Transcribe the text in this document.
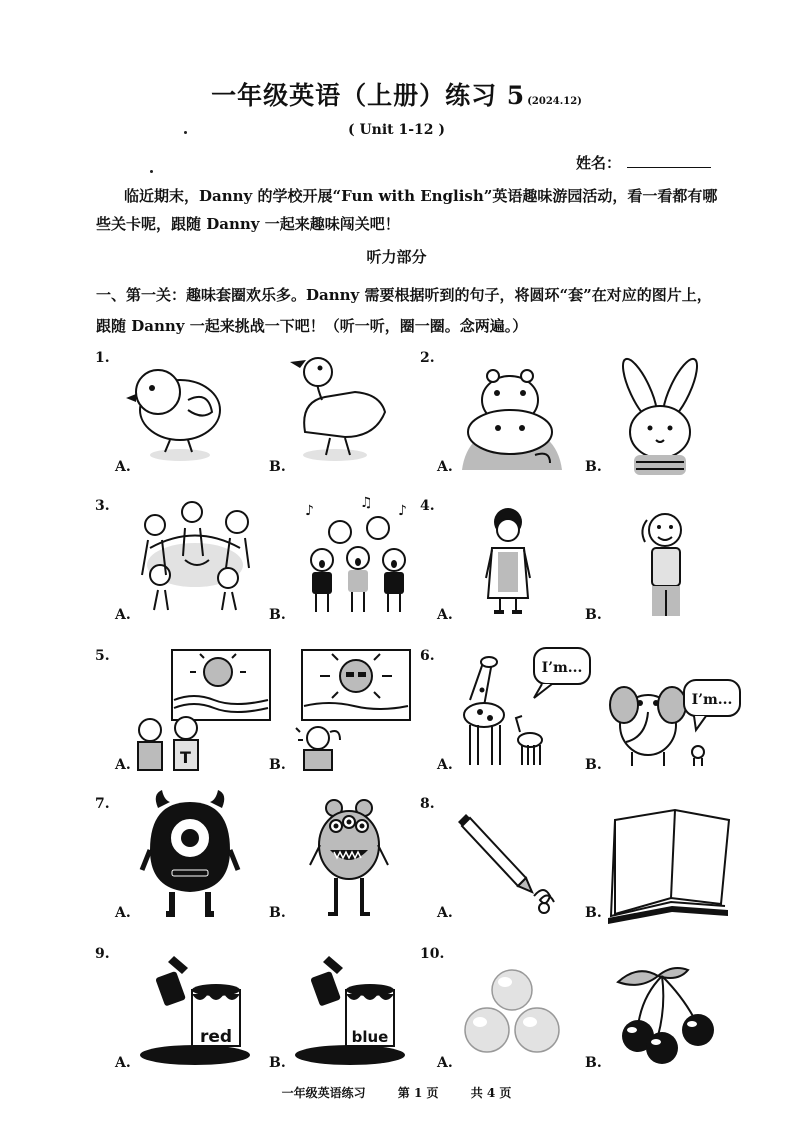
一年级英语（上册）练习 5 (2024.12)
( Unit 1-12 )
姓名：
临近期末，Danny 的学校开展“Fun with English”英语趣味游园活动，看一看都有哪些关卡呢，跟随 Danny 一起来趣味闯关吧！
听力部分
一、第一关：趣味套圈欢乐多。Danny 需要根据听到的句子，将圆环“套”在对应的图片上，跟随 Danny 一起来挑战一下吧！（听一听，圈一圈。念两遍。）
1.
A.	B.
2.
A.	B.
3.
A.	B.
♪	♫ ♪ 4.
A.	B.
5.
A.	B.
T
6.
A.	B.
I’m...
I’m...
7.
A.	B.
8.
A.	B.
9.
A.	B.
red	blue
10.
A.	B.
一年级英语练习	第 1 页	共 4 页
